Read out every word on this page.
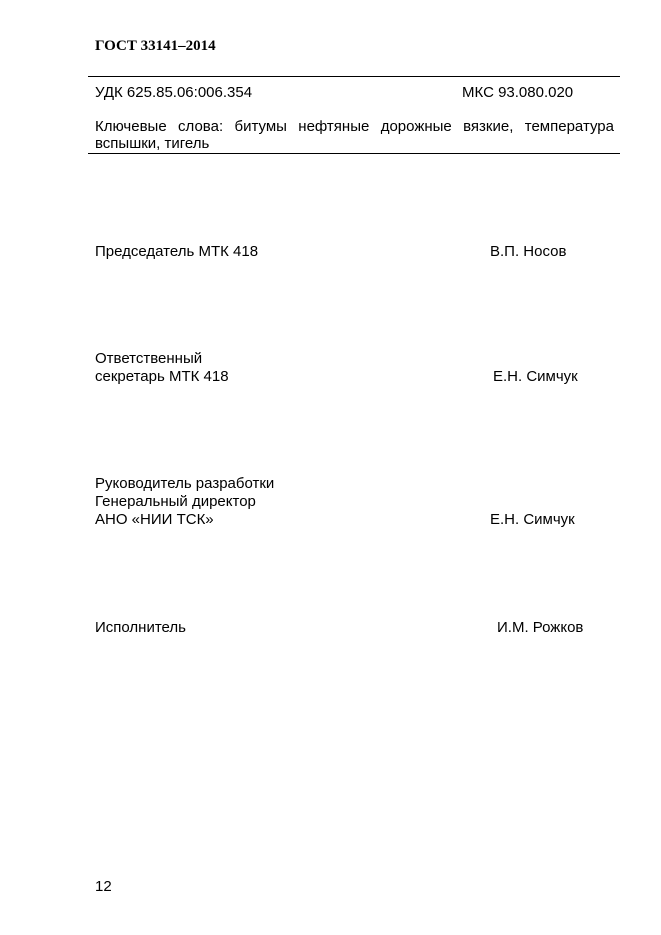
ГОСТ 33141–2014
УДК 625.85.06:006.354	МКС 93.080.020
Ключевые слова: битумы нефтяные дорожные вязкие, температура вспышки, тигель
Председатель МТК 418	В.П. Носов
Ответственный
секретарь МТК 418	Е.Н. Симчук
Руководитель разработки
Генеральный директор
АНО «НИИ ТСК»	Е.Н. Симчук
Исполнитель	И.М. Рожков
12
